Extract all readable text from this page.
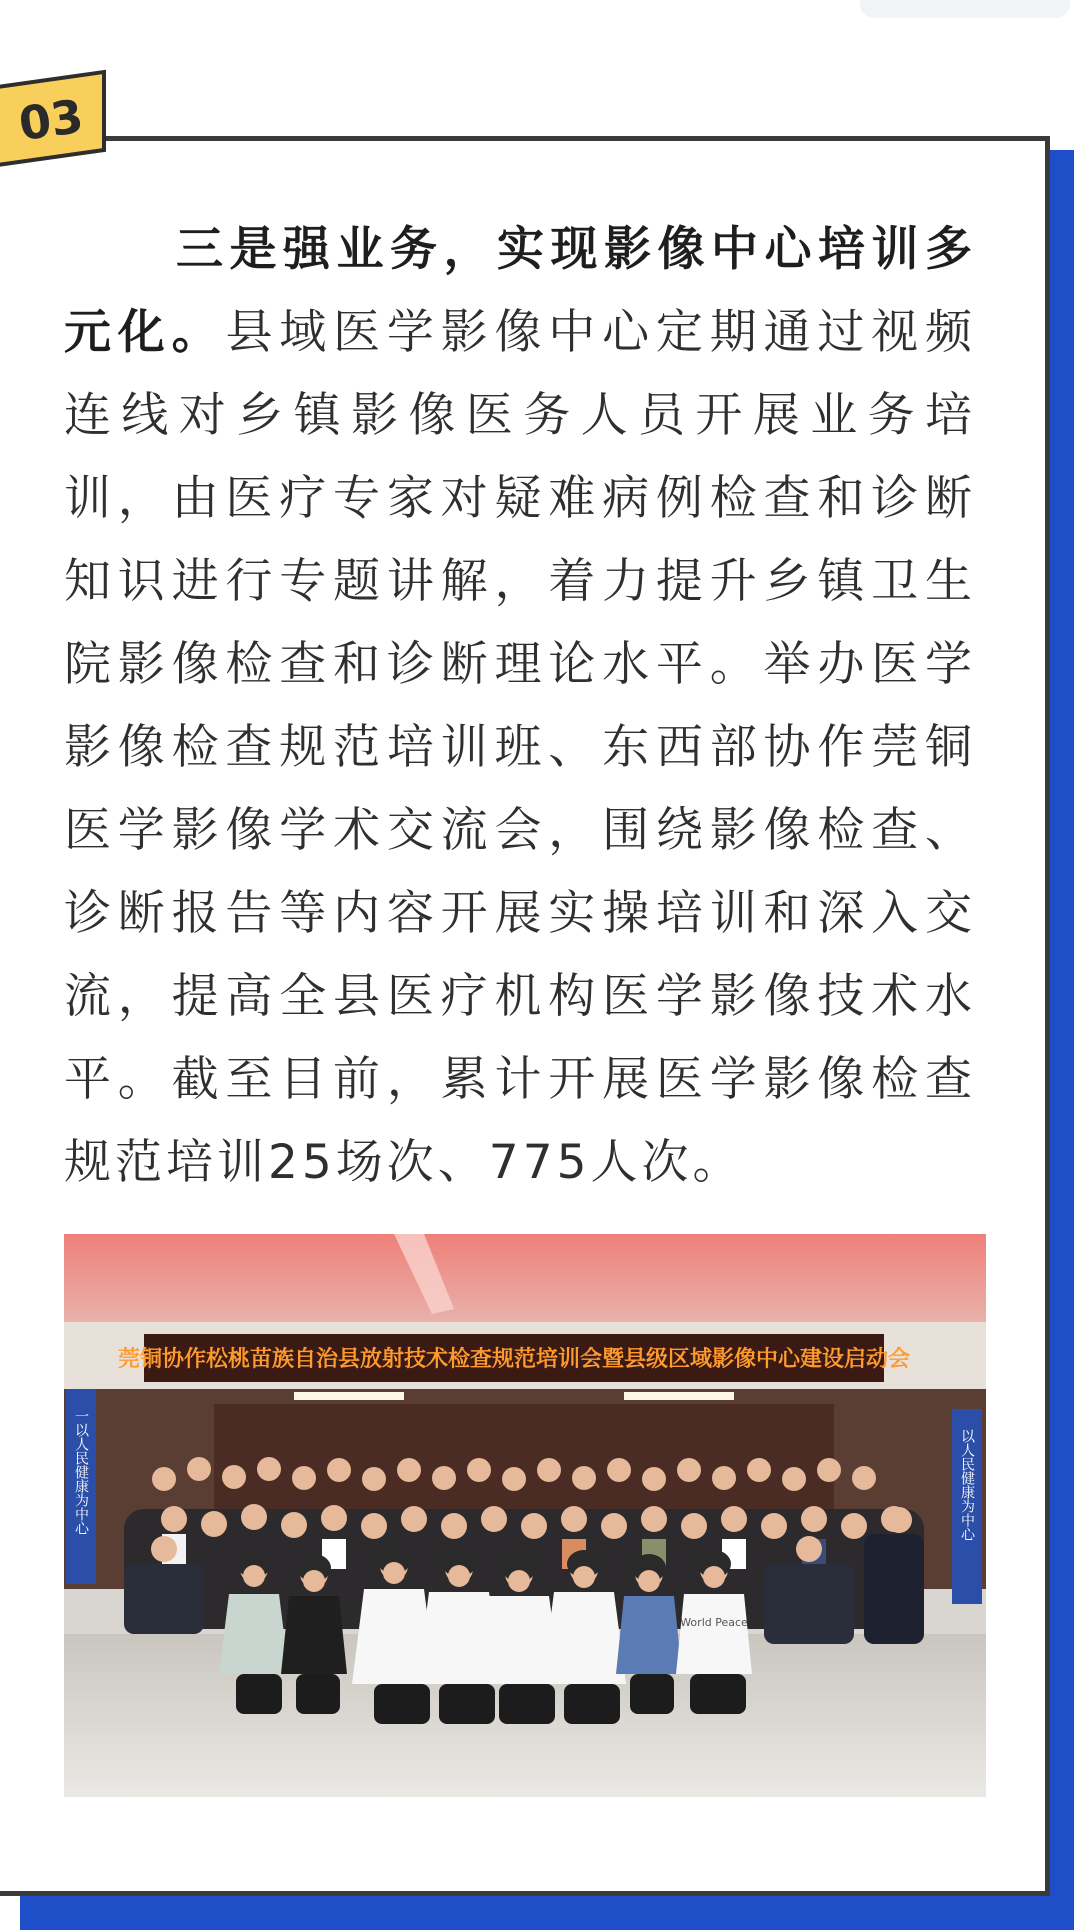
03

三是强业务，实现影像中心培训多元化。县域医学影像中心定期通过视频连线对乡镇影像医务人员开展业务培训，由医疗专家对疑难病例检查和诊断知识进行专题讲解，着力提升乡镇卫生院影像检查和诊断理论水平。举办医学影像检查规范培训班、东西部协作莞铜医学影像学术交流会，围绕影像检查、诊断报告等内容开展实操培训和深入交流，提高全县医疗机构医学影像技术水平。截至目前，累计开展医学影像检查规范培训25场次、775人次。

莞铜协作松桃苗族自治县放射技术检查规范培训会暨县级区域影像中心建设启动会
一以人民健康为中心	以人民健康为中心
World Peace
